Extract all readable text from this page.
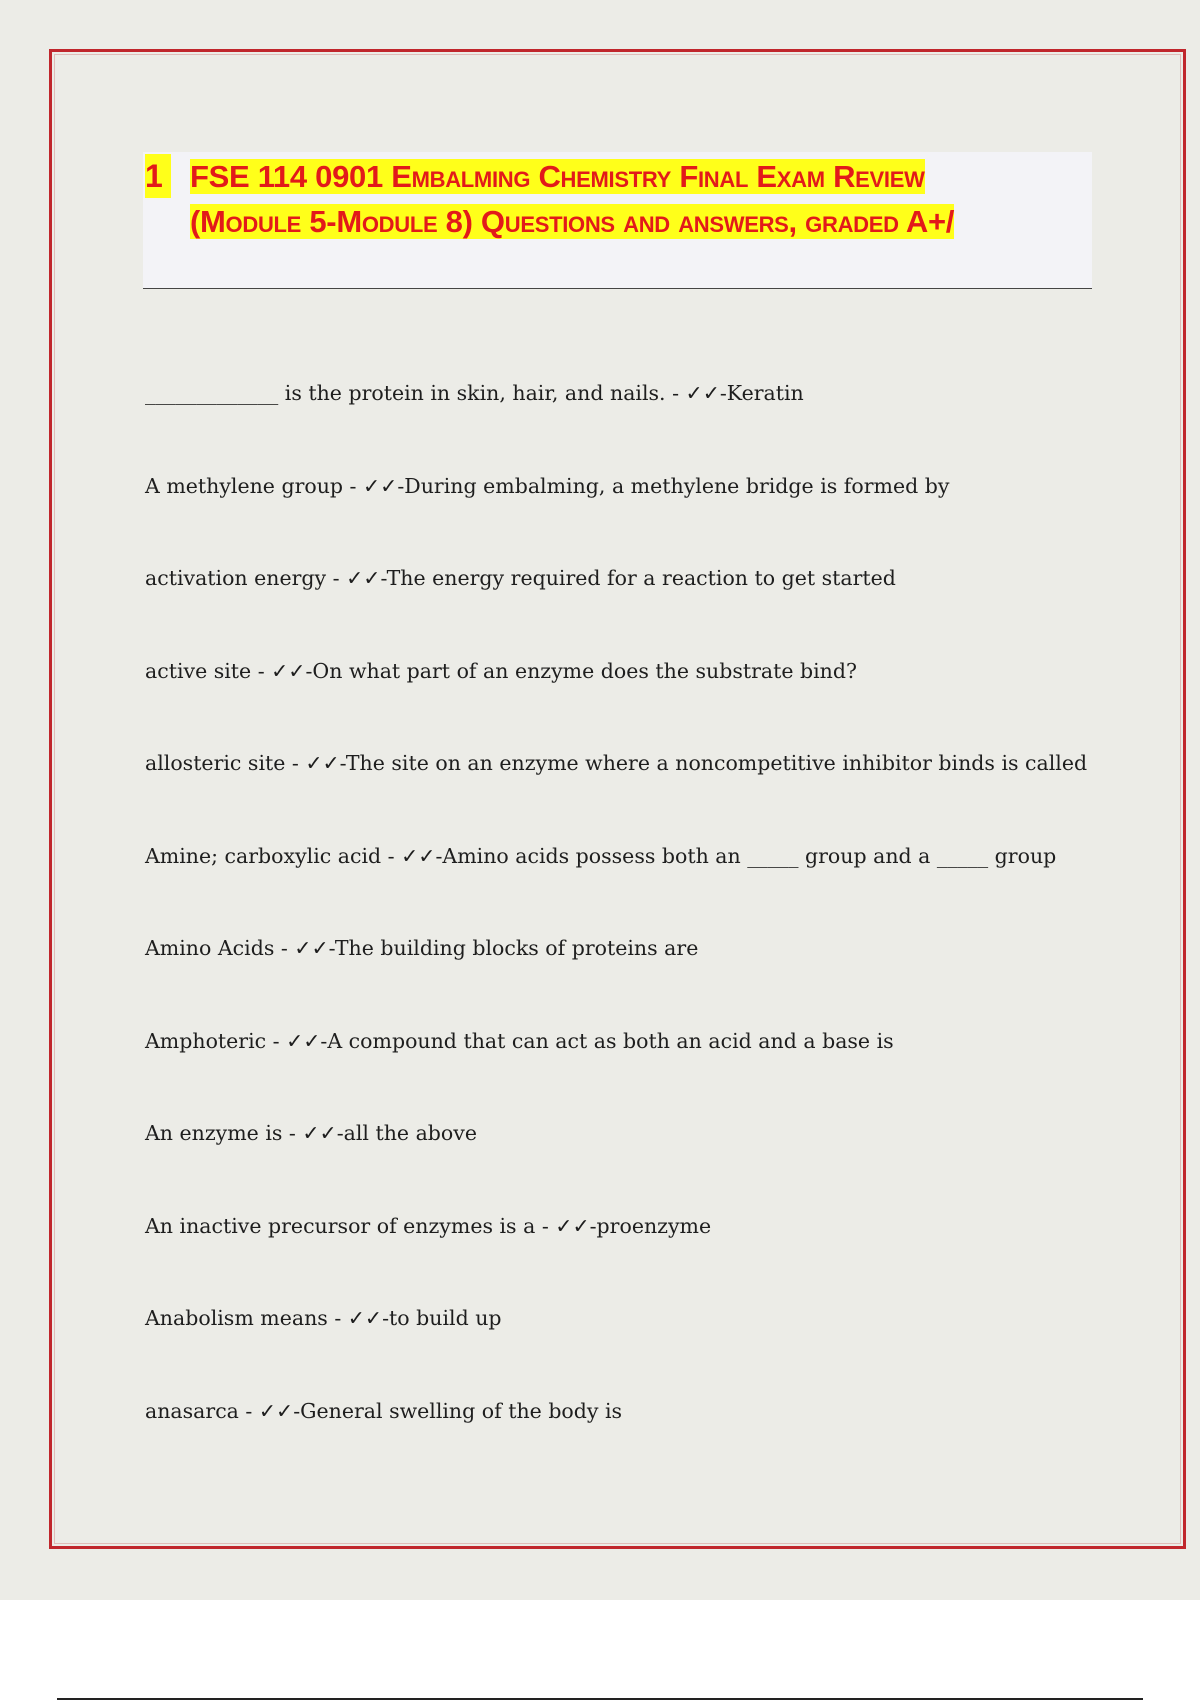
1 FSE 114 0901 Embalming Chemistry Final Exam Review (Module 5-Module 8) Questions and answers, graded A+/
_____________ is the protein in skin, hair, and nails. - ✓✓-Keratin
A methylene group - ✓✓-During embalming, a methylene bridge is formed by
activation energy - ✓✓-The energy required for a reaction to get started
active site - ✓✓-On what part of an enzyme does the substrate bind?
allosteric site - ✓✓-The site on an enzyme where a noncompetitive inhibitor binds is called
Amine; carboxylic acid - ✓✓-Amino acids possess both an _____ group and a _____ group
Amino Acids - ✓✓-The building blocks of proteins are
Amphoteric - ✓✓-A compound that can act as both an acid and a base is
An enzyme is - ✓✓-all the above
An inactive precursor of enzymes is a - ✓✓-proenzyme
Anabolism means - ✓✓-to build up
anasarca - ✓✓-General swelling of the body is
